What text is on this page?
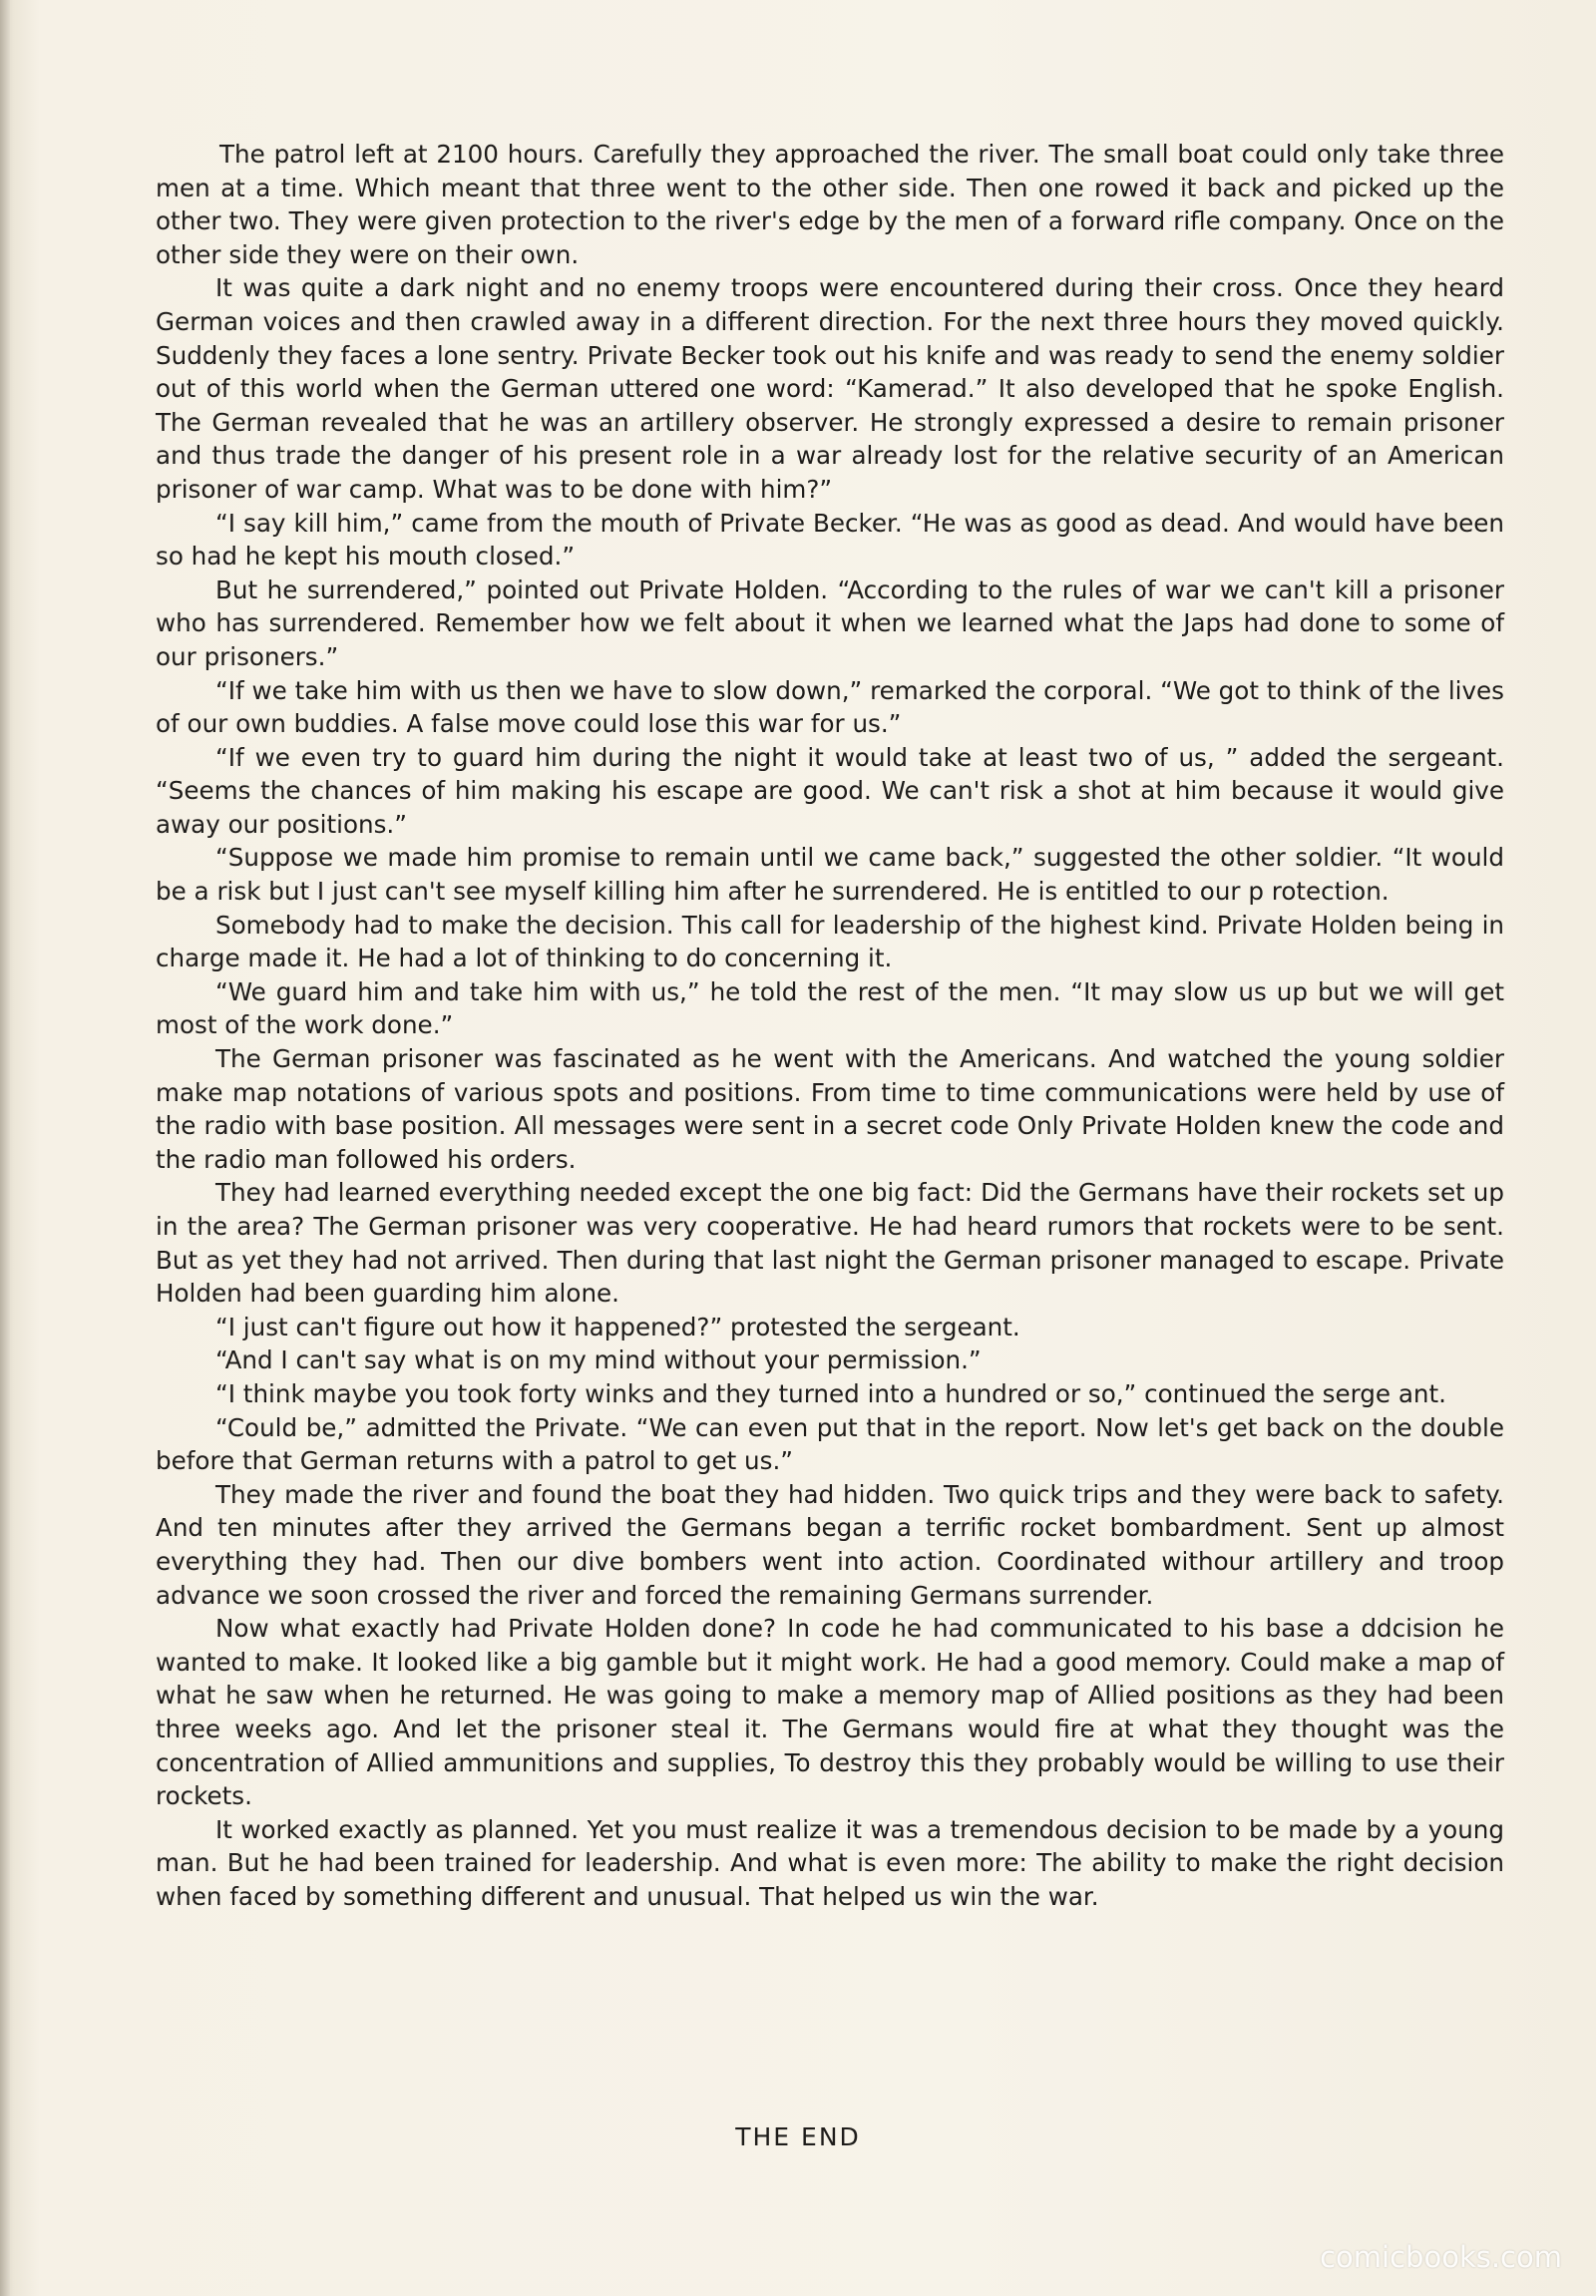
The patrol left at 2100 hours. Carefully they approached the river. The small boat could only take three men at a time. Which meant that three went to the other side. Then one rowed it back and picked up the other two. They were given protection to the river's edge by the men of a forward rifle company. Once on the other side they were on their own.

It was quite a dark night and no enemy troops were encountered during their cross. Once they heard German voices and then crawled away in a different direction. For the next three hours they moved quickly. Suddenly they faces a lone sentry. Private Becker took out his knife and was ready to send the enemy soldier out of this world when the German uttered one word: “Kamerad.” It also developed that he spoke English. The German revealed that he was an artillery observer. He strongly expressed a desire to remain prisoner and thus trade the danger of his present role in a war already lost for the relative security of an American prisoner of war camp. What was to be done with him?”

“I say kill him,” came from the mouth of Private Becker. “He was as good as dead. And would have been so had he kept his mouth closed.”

But he surrendered,” pointed out Private Holden. “According to the rules of war we can't kill a prisoner who has surrendered. Remember how we felt about it when we learned what the Japs had done to some of our prisoners.”

“If we take him with us then we have to slow down,” remarked the corporal. “We got to think of the lives of our own buddies. A false move could lose this war for us.”

“If we even try to guard him during the night it would take at least two of us, ” added the sergeant. “Seems the chances of him making his escape are good. We can't risk a shot at him because it would give away our positions.”

“Suppose we made him promise to remain until we came back,” suggested the other soldier. “It would be a risk but I just can't see myself killing him after he surrendered. He is entitled to our p rotection.

Somebody had to make the decision. This call for leadership of the highest kind. Private Holden being in charge made it. He had a lot of thinking to do concerning it.

“We guard him and take him with us,” he told the rest of the men. “It may slow us up but we will get most of the work done.”

The German prisoner was fascinated as he went with the Americans. And watched the young soldier make map notations of various spots and positions. From time to time communications were held by use of the radio with base position. All messages were sent in a secret code Only Private Holden knew the code and the radio man followed his orders.

They had learned everything needed except the one big fact: Did the Germans have their rockets set up in the area? The German prisoner was very cooperative. He had heard rumors that rockets were to be sent. But as yet they had not arrived. Then during that last night the German prisoner managed to escape. Private Holden had been guarding him alone.

“I just can't figure out how it happened?” protested the sergeant.

“And I can't say what is on my mind without your permission.”

“I think maybe you took forty winks and they turned into a hundred or so,” continued the serge ant.

“Could be,” admitted the Private. “We can even put that in the report. Now let's get back on the double before that German returns with a patrol to get us.”

They made the river and found the boat they had hidden. Two quick trips and they were back to safety. And ten minutes after they arrived the Germans began a terrific rocket bombardment. Sent up almost everything they had. Then our dive bombers went into action. Coordinated withour artillery and troop advance we soon crossed the river and forced the remaining Germans surrender.

Now what exactly had Private Holden done? In code he had communicated to his base a ddcision he wanted to make. It looked like a big gamble but it might work. He had a good memory. Could make a map of what he saw when he returned. He was going to make a memory map of Allied positions as they had been three weeks ago. And let the prisoner steal it. The Germans would fire at what they thought was the concentration of Allied ammunitions and supplies, To destroy this they probably would be willing to use their rockets.

It worked exactly as planned. Yet you must realize it was a tremendous decision to be made by a young man. But he had been trained for leadership. And what is even more: The ability to make the right decision when faced by something different and unusual. That helped us win the war.

THE END
comicbooks.com
